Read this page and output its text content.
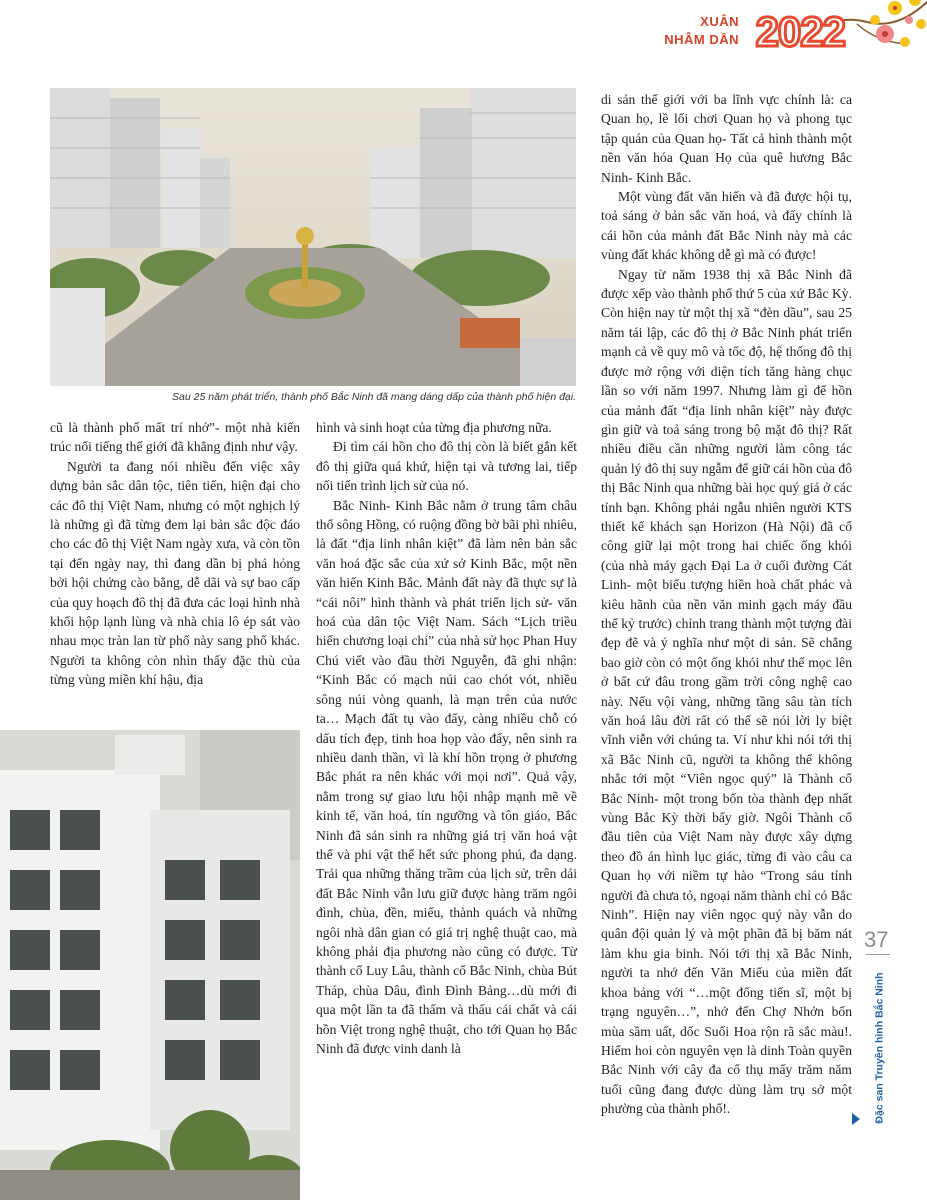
XUÂN
NHÂM DẦN 2022
Sau 25 năm phát triển, thành phố Bắc Ninh đã mang dáng dấp của thành phố hiện đại.

cũ là thành phố mất trí nhớ”- một nhà kiến trúc nổi tiếng thế giới đã khẳng định như vậy.

Người ta đang nói nhiều đến việc xây dựng bản sắc dân tộc, tiên tiến, hiện đại cho các đô thị Việt Nam, nhưng có một nghịch lý là những gì đã từng đem lại bản sắc độc đáo cho các đô thị Việt Nam ngày xưa, và còn tồn tại đến ngày nay, thì đang dần bị phá hỏng bởi hội chứng cào bằng, dễ dãi và sự bao cấp của quy hoạch đô thị đã đưa các loại hình nhà khối hộp lạnh lùng và nhà chia lô ép sát vào nhau mọc tràn lan từ phố này sang phố khác. Người ta không còn nhìn thấy đặc thù của từng vùng miền khí hậu, địa

hình và sinh hoạt của từng địa phương nữa.

Đi tìm cái hồn cho đô thị còn là biết gắn kết đô thị giữa quá khứ, hiện tại và tương lai, tiếp nối tiến trình lịch sử của nó.

Bắc Ninh- Kinh Bắc nằm ở trung tâm châu thổ sông Hồng, có ruộng đồng bờ bãi phì nhiêu, là đất “địa linh nhân kiệt” đã làm nên bản sắc văn hoá đặc sắc của xứ sở Kinh Bắc, một nền văn hiến Kinh Bắc. Mảnh đất này đã thực sự là “cái nôi” hình thành và phát triển lịch sử- văn hoá của dân tộc Việt Nam. Sách “Lịch triều hiến chương loại chí” của nhà sử học Phan Huy Chú viết vào đầu thời Nguyễn, đã ghi nhận: “Kinh Bắc có mạch núi cao chót vót, nhiều sông núi vòng quanh, là mạn trên của nước ta… Mạch đất tụ vào đấy, càng nhiều chỗ có dấu tích đẹp, tinh hoa họp vào đấy, nên sinh ra nhiều danh thần, vì là khí hồn trọng ở phương Bắc phát ra nên khác với mọi nơi”. Quả vậy, nằm trong sự giao lưu hội nhập mạnh mẽ về kinh tế, văn hoá, tín ngưỡng và tôn giáo, Bắc Ninh đã sản sinh ra những giá trị văn hoá vật thể và phi vật thể hết sức phong phú, đa dạng. Trải qua những thăng trầm của lịch sử, trên dải đất Bắc Ninh vẫn lưu giữ được hàng trăm ngôi đình, chùa, đền, miếu, thành quách và những ngôi nhà dân gian có giá trị nghệ thuật cao, mà không phải địa phương nào cũng có được. Từ thành cổ Luy Lâu, thành cổ Bắc Ninh, chùa Bút Tháp, chùa Dâu, đình Đình Bảng…dù mới đi qua một lần ta đã thấm và thấu cái chất và cái hồn Việt trong nghệ thuật, cho tới Quan họ Bắc Ninh đã được vinh danh là

di sản thế giới với ba lĩnh vực chính là: ca Quan họ, lề lối chơi Quan họ và phong tục tập quán của Quan họ- Tất cả hình thành một nền văn hóa Quan Họ của quê hương Bắc Ninh- Kinh Bắc.

Một vùng đất văn hiến và đã được hội tụ, toả sáng ở bản sắc văn hoá, và đấy chính là cái hồn của mảnh đất Bắc Ninh này mà các vùng đất khác không dễ gì mà có được!

Ngay từ năm 1938 thị xã Bắc Ninh đã được xếp vào thành phố thứ 5 của xứ Bắc Kỳ. Còn hiện nay từ một thị xã “đèn dầu”, sau 25 năm tái lập, các đô thị ở Bắc Ninh phát triển mạnh cả về quy mô và tốc độ, hệ thống đô thị được mở rộng với diện tích tăng hàng chục lần so với năm 1997. Nhưng làm gì để hồn của mảnh đất “địa linh nhân kiệt” này được gìn giữ và toả sáng trong bộ mặt đô thị? Rất nhiều điều cần những người làm công tác quản lý đô thị suy ngẫm để giữ cái hồn của đô thị Bắc Ninh qua những bài học quý giá ở các tỉnh bạn. Không phải ngẫu nhiên người KTS thiết kế khách sạn Horizon (Hà Nội) đã cố công giữ lại một trong hai chiếc ống khói (của nhà máy gạch Đại La ở cuối đường Cát Linh- một biểu tượng hiền hoà chất phác và kiêu hãnh của nền văn minh gạch máy đầu thế kỷ trước) chỉnh trang thành một tượng đài đẹp đẽ và ý nghĩa như một di sản. Sẽ chẳng bao giờ còn có một ống khói như thế mọc lên ở bất cứ đâu trong gầm trời công nghệ cao này. Nếu vội vàng, những tầng sâu tàn tích văn hoá lâu đời rất có thể sẽ nói lời ly biệt vĩnh viễn với chúng ta. Ví như khi nói tới thị xã Bắc Ninh cũ, người ta không thể không nhắc tới một “Viên ngọc quý” là Thành cổ Bắc Ninh- một trong bốn tòa thành đẹp nhất vùng Bắc Kỳ thời bấy giờ. Ngôi Thành cổ đầu tiên của Việt Nam này được xây dựng theo đồ án hình lục giác, từng đi vào câu ca Quan họ với niềm tự hào “Trong sáu tỉnh người đà chưa tỏ, ngoại năm thành chỉ có Bắc Ninh”. Hiện nay viên ngọc quý này vẫn do quân đội quản lý và một phần đã bị băm nát làm khu gia binh. Nói tới thị xã Bắc Ninh, người ta nhớ đến Văn Miếu của miền đất khoa bảng với “…một đống tiến sĩ, một bị trạng nguyên…”, nhớ đến Chợ Nhớn bốn mùa sầm uất, dốc Suối Hoa rộn rã sắc màu!. Hiếm hoi còn nguyên vẹn là dinh Toàn quyền Bắc Ninh với cây đa cổ thụ mấy trăm năm tuổi cũng đang được dùng làm trụ sở một phường của thành phố!.

37
Đặc san Truyền hình Bắc Ninh
